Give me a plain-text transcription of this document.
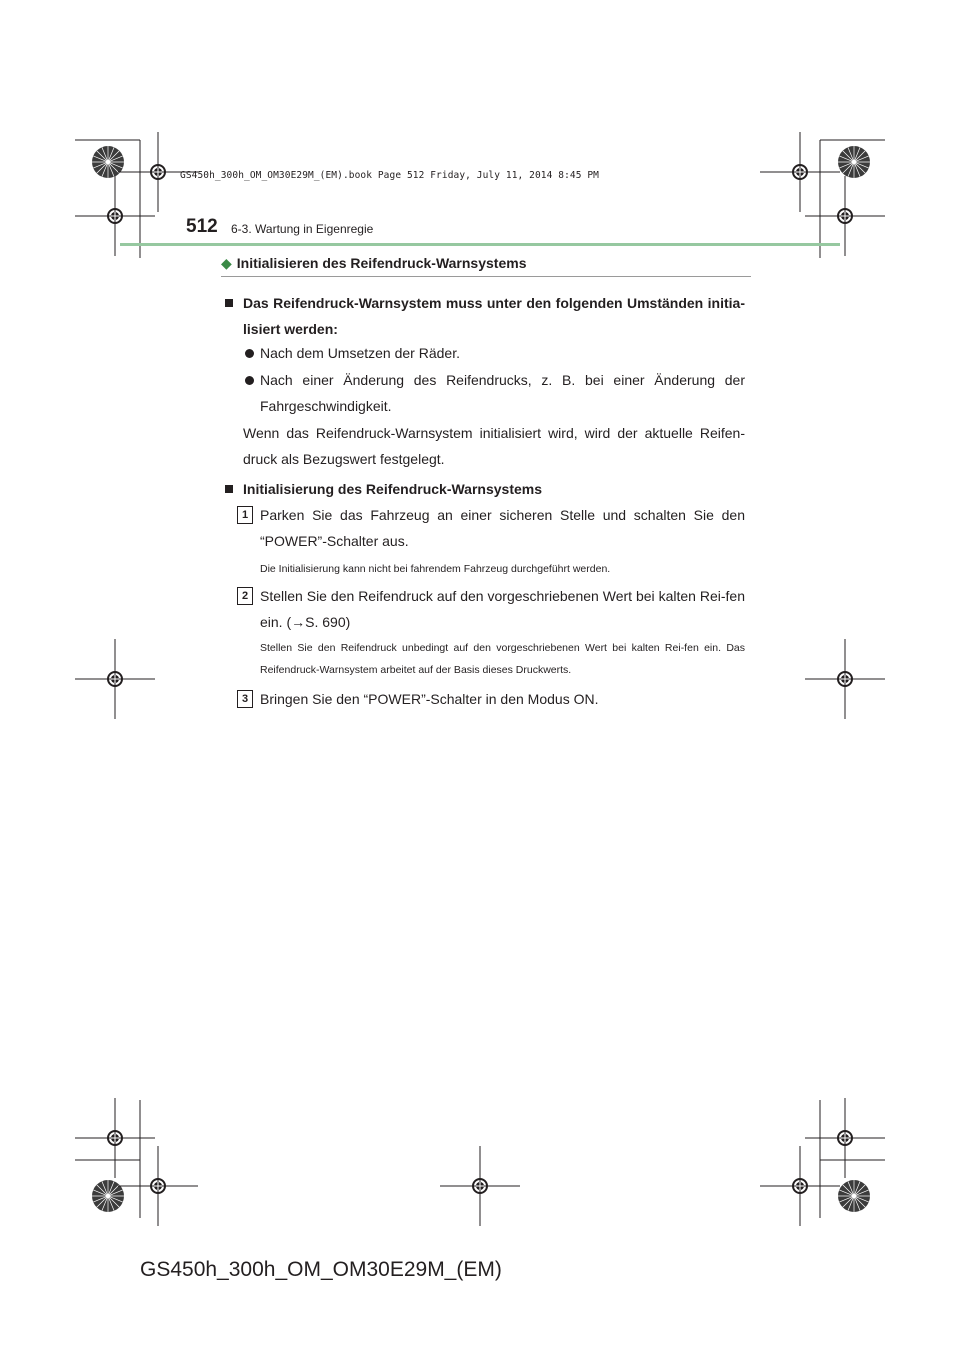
GS450h_300h_OM_OM30E29M_(EM).book Page 512 Friday, July 11, 2014 8:45 PM
512 6-3. Wartung in Eigenregie
◆ Initialisieren des Reifendruck-Warnsystems
Das Reifendruck-Warnsystem muss unter den folgenden Umständen initia-lisiert werden:
Nach dem Umsetzen der Räder.
Nach einer Änderung des Reifendrucks, z. B. bei einer Änderung der Fahrgeschwindigkeit.
Wenn das Reifendruck-Warnsystem initialisiert wird, wird der aktuelle Reifen-druck als Bezugswert festgelegt.
Initialisierung des Reifendruck-Warnsystems
1 Parken Sie das Fahrzeug an einer sicheren Stelle und schalten Sie den “POWER”-Schalter aus.
Die Initialisierung kann nicht bei fahrendem Fahrzeug durchgeführt werden.
2 Stellen Sie den Reifendruck auf den vorgeschriebenen Wert bei kalten Rei-fen ein. (→S. 690)
Stellen Sie den Reifendruck unbedingt auf den vorgeschriebenen Wert bei kalten Rei-fen ein. Das Reifendruck-Warnsystem arbeitet auf der Basis dieses Druckwerts.
3 Bringen Sie den “POWER”-Schalter in den Modus ON.
GS450h_300h_OM_OM30E29M_(EM)
